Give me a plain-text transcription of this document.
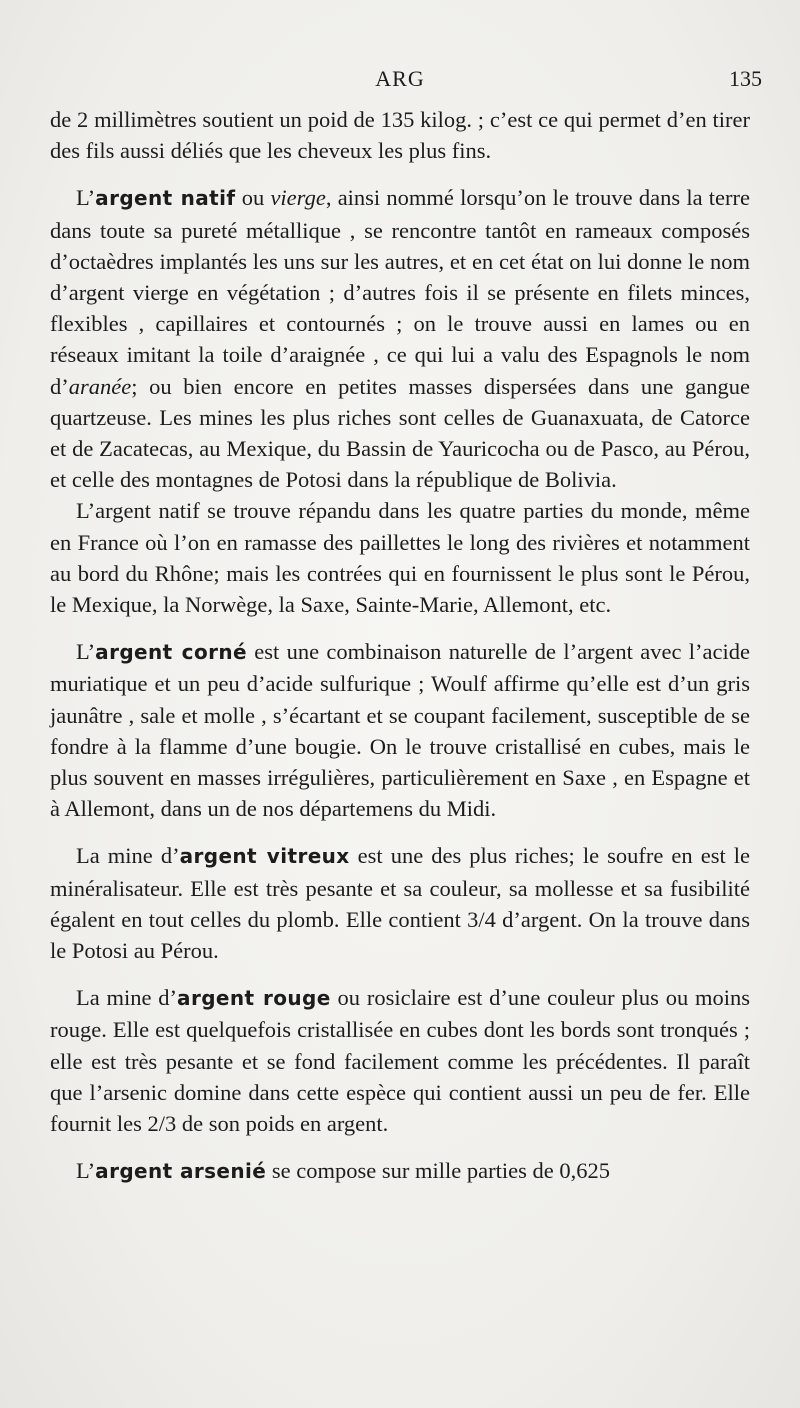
ARG	135

de 2 millimètres soutient un poid de 135 kilog. ; c’est ce qui permet d’en tirer des fils aussi déliés que les cheveux les plus fins.

L’argent natif ou vierge, ainsi nommé lorsqu’on le trouve dans la terre dans toute sa pureté métallique , se rencontre tantôt en rameaux composés d’octaèdres implantés les uns sur les autres, et en cet état on lui donne le nom d’argent vierge en végétation ; d’autres fois il se présente en filets minces, flexibles , capillaires et contournés ; on le trouve aussi en lames ou en réseaux imitant la toile d’araignée , ce qui lui a valu des Espagnols le nom d’aranée; ou bien encore en petites masses dispersées dans une gangue quartzeuse. Les mines les plus riches sont celles de Guanaxuata, de Catorce et de Zacatecas, au Mexique, du Bassin de Yauricocha ou de Pasco, au Pérou, et celle des montagnes de Potosi dans la république de Bolivia.

L’argent natif se trouve répandu dans les quatre parties du monde, même en France où l’on en ramasse des paillettes le long des rivières et notamment au bord du Rhône; mais les contrées qui en fournissent le plus sont le Pérou, le Mexique, la Norwège, la Saxe, Sainte-Marie, Allemont, etc.

L’argent corné est une combinaison naturelle de l’argent avec l’acide muriatique et un peu d’acide sulfurique ; Woulf affirme qu’elle est d’un gris jaunâtre , sale et molle , s’écartant et se coupant facilement, susceptible de se fondre à la flamme d’une bougie. On le trouve cristallisé en cubes, mais le plus souvent en masses irrégulières, particulièrement en Saxe , en Espagne et à Allemont, dans un de nos départemens du Midi.

La mine d’argent vitreux est une des plus riches; le soufre en est le minéralisateur. Elle est très pesante et sa couleur, sa mollesse et sa fusibilité égalent en tout celles du plomb. Elle contient 3/4 d’argent. On la trouve dans le Potosi au Pérou.

La mine d’argent rouge ou rosiclaire est d’une couleur plus ou moins rouge. Elle est quelquefois cristallisée en cubes dont les bords sont tronqués ; elle est très pesante et se fond facilement comme les précédentes. Il paraît que l’arsenic domine dans cette espèce qui contient aussi un peu de fer. Elle fournit les 2/3 de son poids en argent.

L’argent arsenié se compose sur mille parties de 0,625
